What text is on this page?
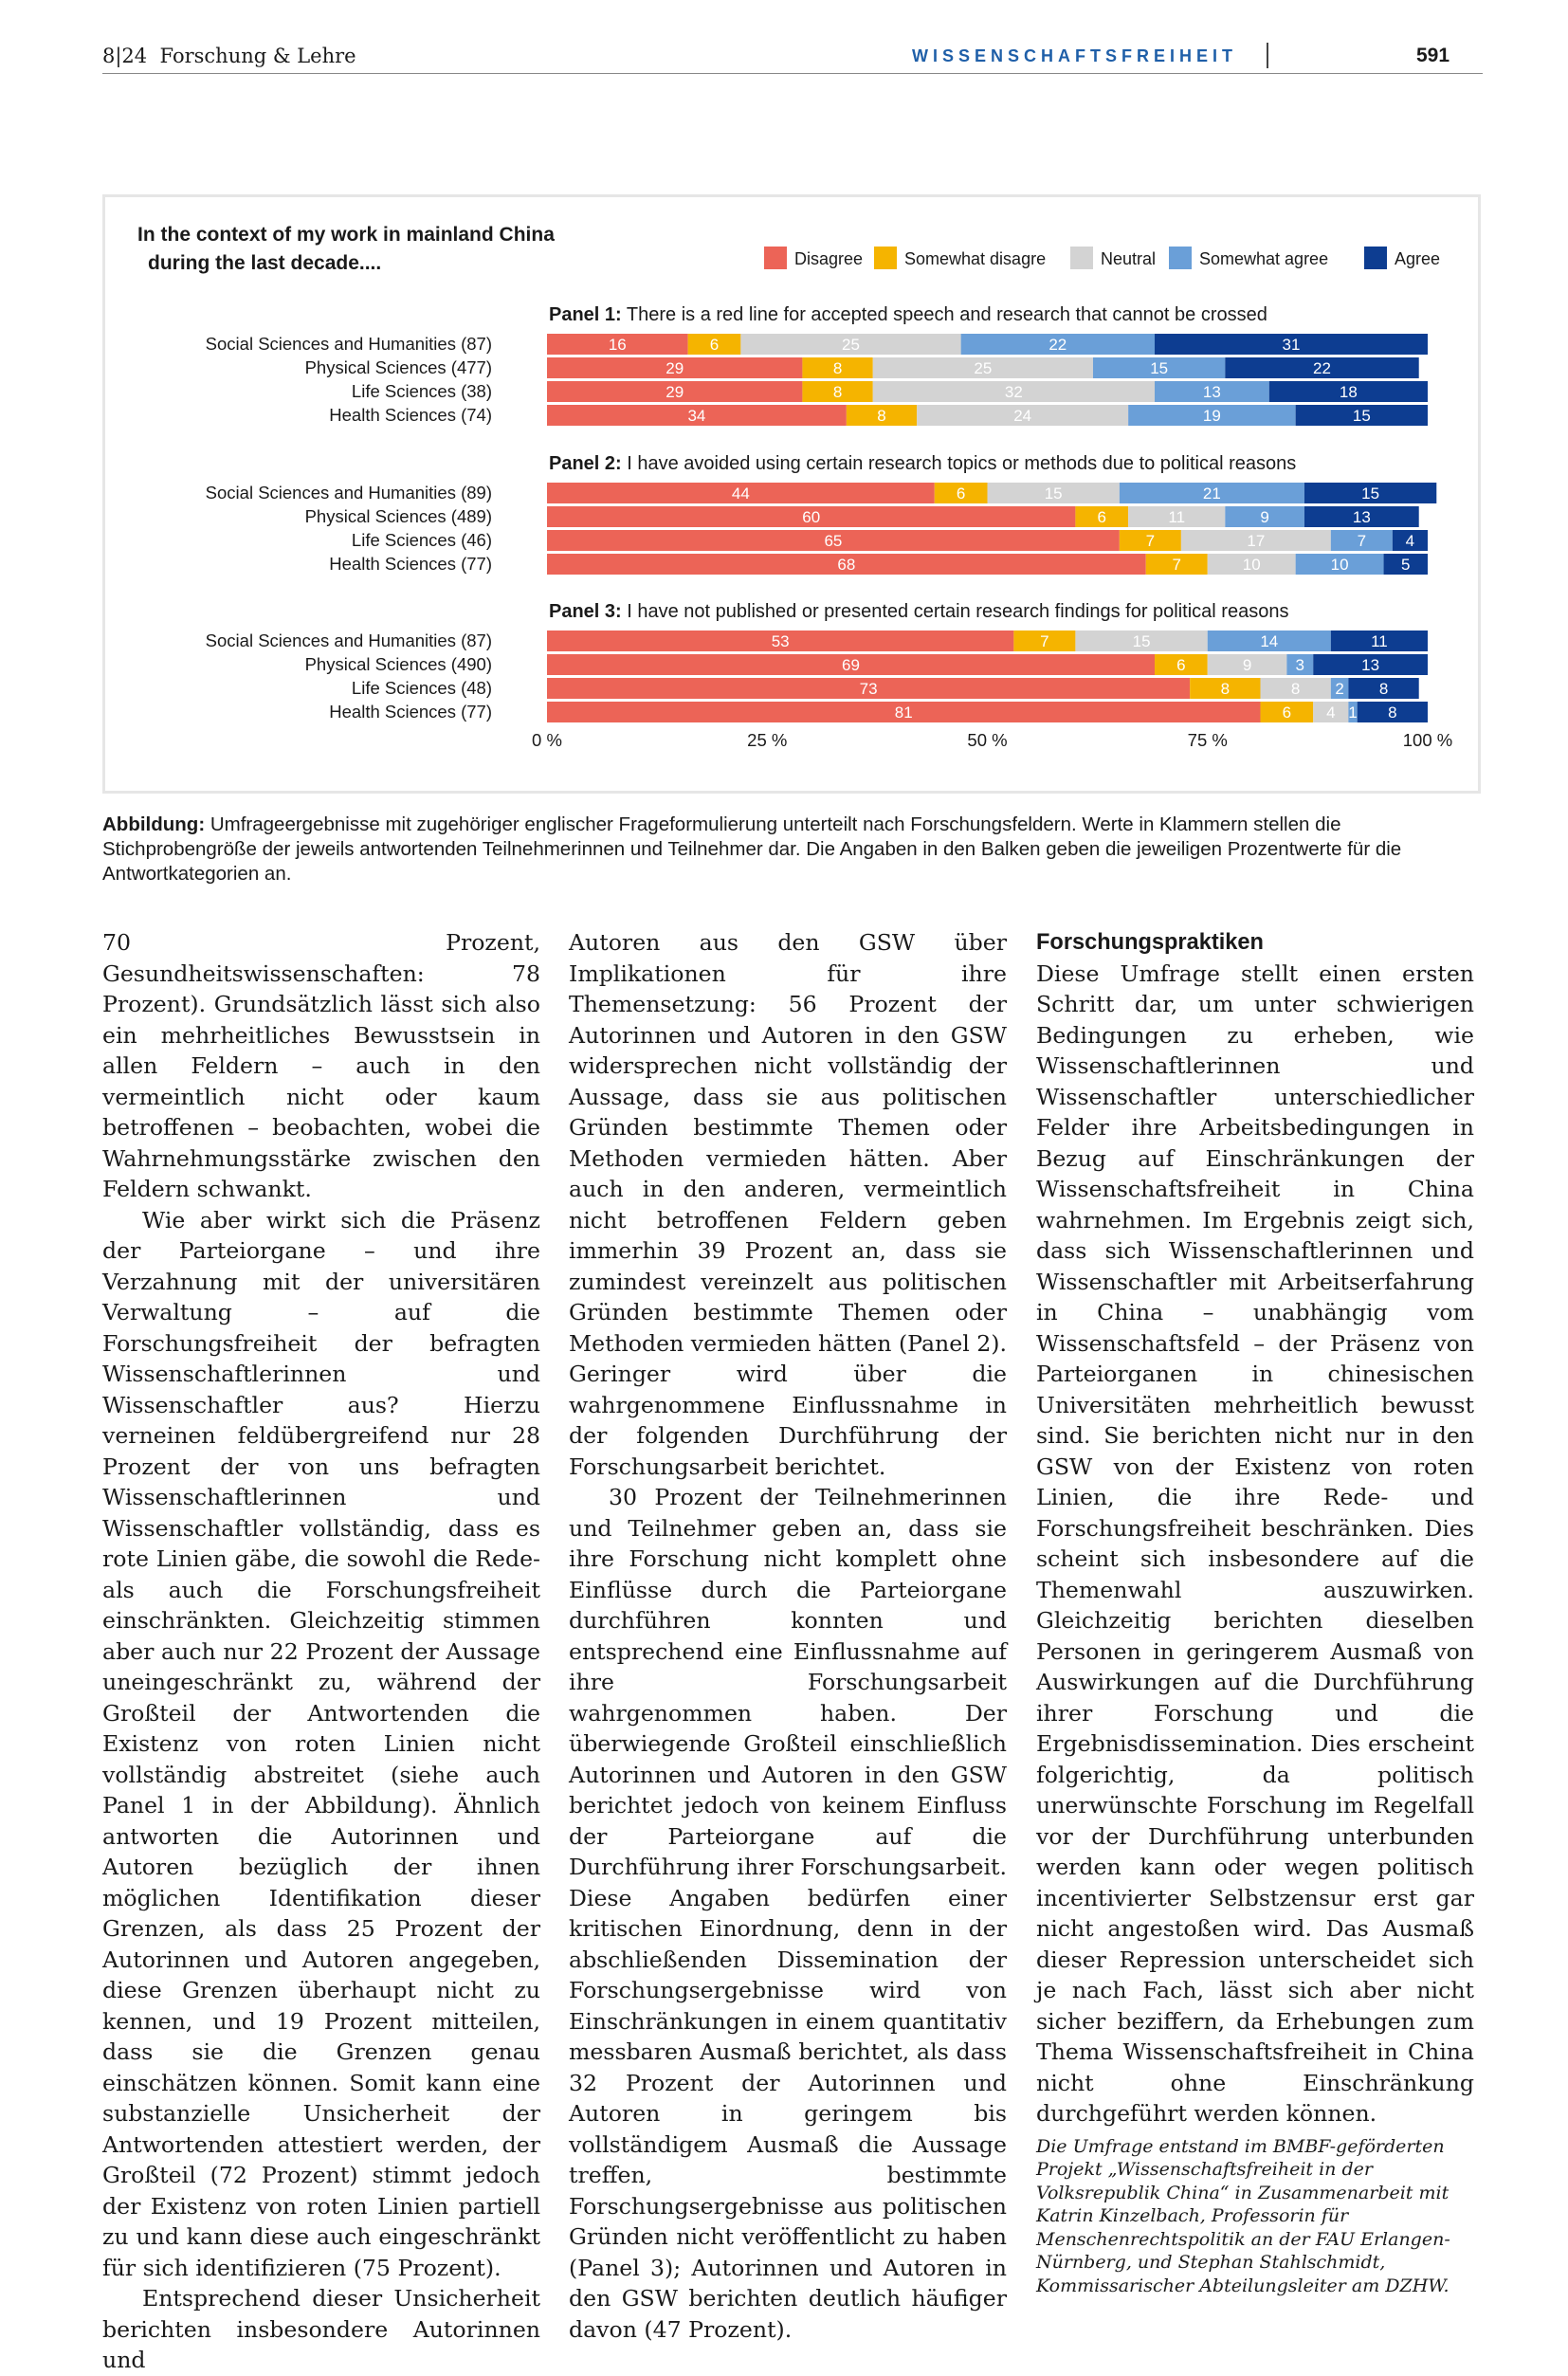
8|24 Forschung & Lehre	WISSENSCHAFTSFREIHEIT	591
In the context of my work in mainland China
during the last decade....	Disagree Somewhat disagre	Neutral	Somewhat agree	Agree
Panel 1: There is a red line for accepted speech and research that cannot be crossed
Social Sciences and Humanities (87)	16	6	25	22	31
Physical Sciences (477)	29	8	25	15	22
Life Sciences (38)	29	8	32	13	18
Health Sciences (74)	34	8	24	19	15
Panel 2: I have avoided using certain research topics or methods due to political reasons
Social Sciences and Humanities (89)	44	6	15	21	15
Physical Sciences (489)	60	6	11	9	13
Life Sciences (46)	65	7	17	7 4
Health Sciences (77)	68	7	10	10	5
Panel 3: I have not published or presented certain research findings for political reasons
Social Sciences and Humanities (87)	53	7	15	14	11
Physical Sciences (490)	69	6	9	3	13
Life Sciences (48)	73	8	8 2 8
Health Sciences (77)	81	6 4 1 8
0 %	25 %	50 %	75 %	100 %
Abbildung: Umfrageergebnisse mit zugehöriger englischer Frageformulierung unterteilt nach Forschungsfeldern. Werte in Klammern stellen die Stichprobengröße der jeweils antwortenden Teilnehmerinnen und Teilnehmer dar. Die Angaben in den Balken geben die jeweiligen Prozentwerte für die Antwortkategorien an.

70 Prozent, Gesundheitswissenschaften: 78 Prozent). Grundsätzlich lässt sich also ein mehrheitliches Bewusstsein in allen Feldern – auch in den vermeintlich nicht oder kaum betroffenen – beobachten, wobei die Wahrnehmungsstärke zwischen den Feldern schwankt.

Wie aber wirkt sich die Präsenz der Parteiorgane – und ihre Verzahnung mit der universitären Verwaltung – auf die Forschungsfreiheit der befragten Wissenschaftlerinnen und Wissenschaftler aus? Hierzu verneinen feldübergreifend nur 28 Prozent der von uns befragten Wissenschaftlerinnen und Wissenschaftler vollständig, dass es rote Linien gäbe, die sowohl die Rede- als auch die Forschungsfreiheit einschränkten. Gleichzeitig stimmen aber auch nur 22 Prozent der Aussage uneingeschränkt zu, während der Großteil der Antwortenden die Existenz von roten Linien nicht vollständig abstreitet (siehe auch Panel 1 in der Abbildung). Ähnlich antworten die Autorinnen und Autoren bezüglich der ihnen möglichen Identifikation dieser Grenzen, als dass 25 Prozent der Autorinnen und Autoren angegeben, diese Grenzen überhaupt nicht zu kennen, und 19 Prozent mitteilen, dass sie die Grenzen genau einschätzen können. Somit kann eine substanzielle Unsicherheit der Antwortenden attestiert werden, der Großteil (72 Prozent) stimmt jedoch der Existenz von roten Linien partiell zu und kann diese auch eingeschränkt für sich identifizieren (75 Prozent).

Entsprechend dieser Unsicherheit berichten insbesondere Autorinnen und

Autoren aus den GSW über Implikationen für ihre Themensetzung: 56 Prozent der Autorinnen und Autoren in den GSW widersprechen nicht vollständig der Aussage, dass sie aus politischen Gründen bestimmte Themen oder Methoden vermieden hätten. Aber auch in den anderen, vermeintlich nicht betroffenen Feldern geben immerhin 39 Prozent an, dass sie zumindest vereinzelt aus politischen Gründen bestimmte Themen oder Methoden vermieden hätten (Panel 2). Geringer wird über die wahrgenommene Einflussnahme in der folgenden Durchführung der Forschungsarbeit berichtet.

30 Prozent der Teilnehmerinnen und Teilnehmer geben an, dass sie ihre Forschung nicht komplett ohne Einflüsse durch die Parteiorgane durchführen konnten und entsprechend eine Einflussnahme auf ihre Forschungsarbeit wahrgenommen haben. Der überwiegende Großteil einschließlich Autorinnen und Autoren in den GSW berichtet jedoch von keinem Einfluss der Parteiorgane auf die Durchführung ihrer Forschungsarbeit. Diese Angaben bedürfen einer kritischen Einordnung, denn in der abschließenden Dissemination der Forschungsergebnisse wird von Einschränkungen in einem quantitativ messbaren Ausmaß berichtet, als dass 32 Prozent der Autorinnen und Autoren in geringem bis vollständigem Ausmaß die Aussage treffen, bestimmte Forschungsergebnisse aus politischen Gründen nicht veröffentlicht zu haben (Panel 3); Autorinnen und Autoren in den GSW berichten deutlich häufiger davon (47 Prozent).

Forschungspraktiken

Diese Umfrage stellt einen ersten Schritt dar, um unter schwierigen Bedingungen zu erheben, wie Wissenschaftlerinnen und Wissenschaftler unterschiedlicher Felder ihre Arbeitsbedingungen in Bezug auf Einschränkungen der Wissenschaftsfreiheit in China wahrnehmen. Im Ergebnis zeigt sich, dass sich Wissenschaftlerinnen und Wissenschaftler mit Arbeitserfahrung in China – unabhängig vom Wissenschaftsfeld – der Präsenz von Parteiorganen in chinesischen Universitäten mehrheitlich bewusst sind. Sie berichten nicht nur in den GSW von der Existenz von roten Linien, die ihre Rede- und Forschungsfreiheit beschränken. Dies scheint sich insbesondere auf die Themenwahl auszuwirken. Gleichzeitig berichten dieselben Personen in geringerem Ausmaß von Auswirkungen auf die Durchführung ihrer Forschung und die Ergebnisdissemination. Dies erscheint folgerichtig, da politisch unerwünschte Forschung im Regelfall vor der Durchführung unterbunden werden kann oder wegen politisch incentivierter Selbstzensur erst gar nicht angestoßen wird. Das Ausmaß dieser Repression unterscheidet sich je nach Fach, lässt sich aber nicht sicher beziffern, da Erhebungen zum Thema Wissenschaftsfreiheit in China nicht ohne Einschränkung durchgeführt werden können.

Die Umfrage entstand im BMBF-geförderten Projekt „Wissenschaftsfreiheit in der Volksrepublik China“ in Zusammenarbeit mit Katrin Kinzelbach, Professorin für Menschenrechtspolitik an der FAU Erlangen-Nürnberg, und Stephan Stahlschmidt, Kommissarischer Abteilungsleiter am DZHW.
